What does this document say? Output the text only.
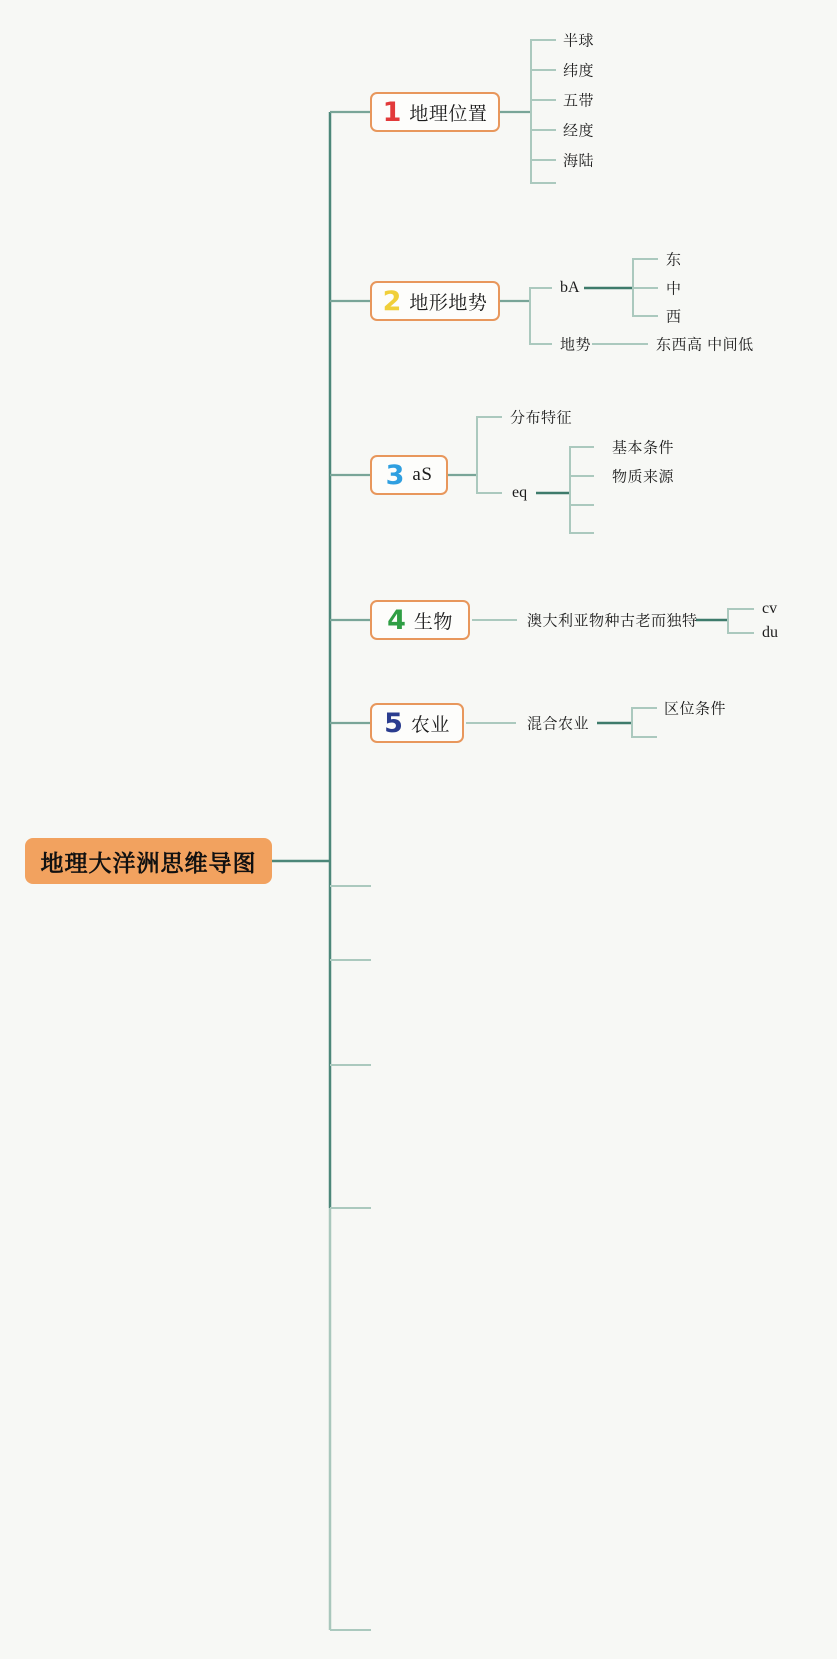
地理大洋洲思维导图
1 地理位置
半球
纬度
五带
经度
海陆
2 地形地势
bA
东
中
西
地势	东西高 中间低
3 aS
分布特征
eq
基本条件
物质来源
4 生物	澳大利亚物种古老而独特
cv
du
5 农业	混合农业
区位条件
